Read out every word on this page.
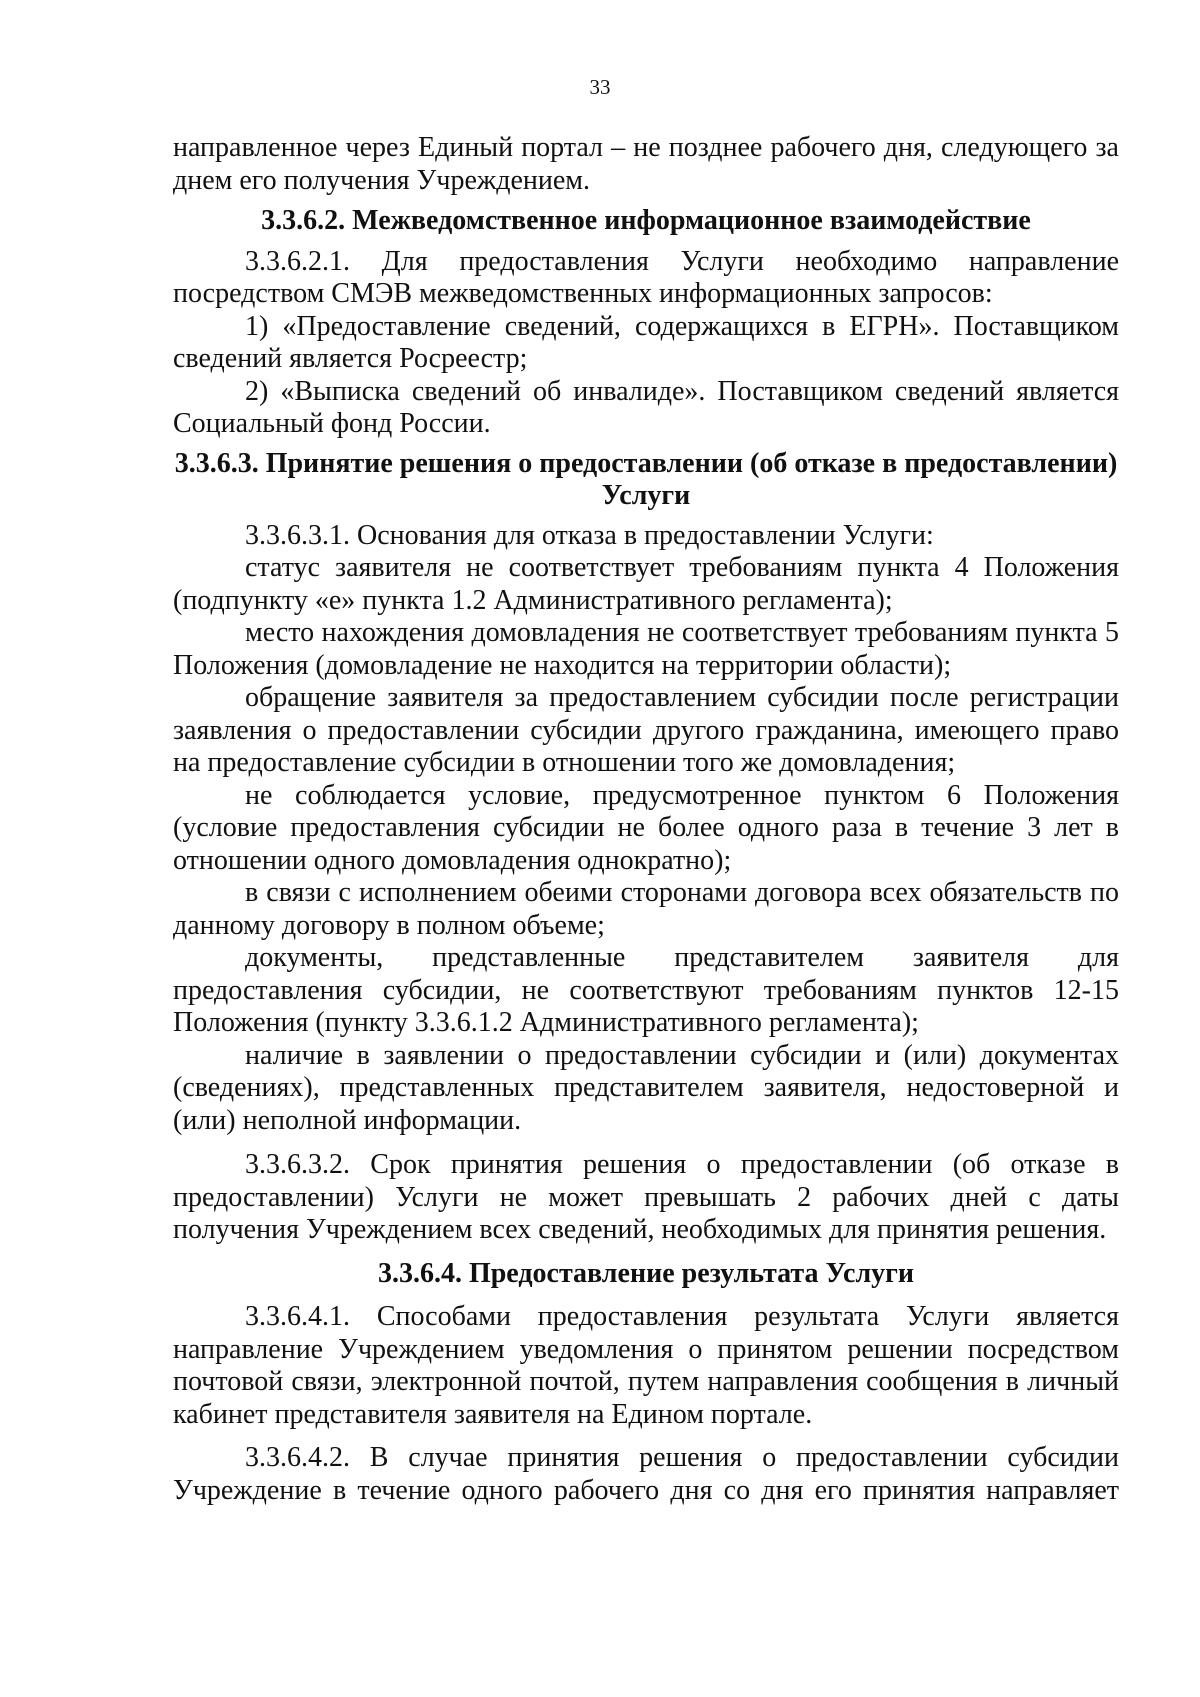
33

направленное через Единый портал – не позднее рабочего дня, следующего за днем его получения Учреждением.

3.3.6.2. Межведомственное информационное взаимодействие

3.3.6.2.1. Для предоставления Услуги необходимо направление посредством СМЭВ межведомственных информационных запросов:

1) «Предоставление сведений, содержащихся в ЕГРН». Поставщиком сведений является Росреестр;

2) «Выписка сведений об инвалиде». Поставщиком сведений является Социальный фонд России.

3.3.6.3. Принятие решения о предоставлении (об отказе в предоставлении) Услуги

3.3.6.3.1. Основания для отказа в предоставлении Услуги:

статус заявителя не соответствует требованиям пункта 4 Положения (подпункту «е» пункта 1.2 Административного регламента);

место нахождения домовладения не соответствует требованиям пункта 5 Положения (домовладение не находится на территории области);

обращение заявителя за предоставлением субсидии после регистрации заявления о предоставлении субсидии другого гражданина, имеющего право на предоставление субсидии в отношении того же домовладения;

не соблюдается условие, предусмотренное пунктом 6 Положения (условие предоставления субсидии не более одного раза в течение 3 лет в отношении одного домовладения однократно);

в связи с исполнением обеими сторонами договора всех обязательств по данному договору в полном объеме;

документы, представленные представителем заявителя для предоставления субсидии, не соответствуют требованиям пунктов 12-15 Положения (пункту 3.3.6.1.2 Административного регламента);

наличие в заявлении о предоставлении субсидии и (или) документах (сведениях), представленных представителем заявителя, недостоверной и (или) неполной информации.

3.3.6.3.2. Срок принятия решения о предоставлении (об отказе в предоставлении) Услуги не может превышать 2 рабочих дней с даты получения Учреждением всех сведений, необходимых для принятия решения.

3.3.6.4. Предоставление результата Услуги

3.3.6.4.1. Способами предоставления результата Услуги является направление Учреждением уведомления о принятом решении посредством почтовой связи, электронной почтой, путем направления сообщения в личный кабинет представителя заявителя на Едином портале.

3.3.6.4.2. В случае принятия решения о предоставлении субсидии Учреждение в течение одного рабочего дня со дня его принятия направляет
